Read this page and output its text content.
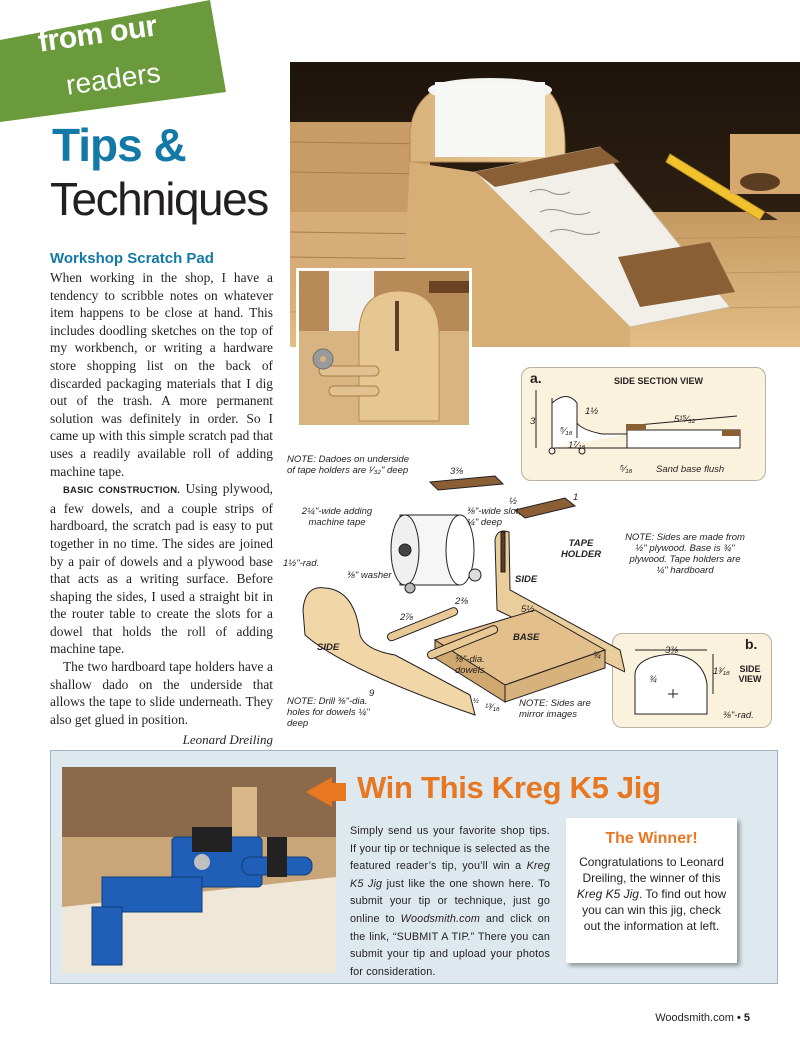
from our
readers
Tips &
Techniques
Workshop Scratch Pad

When working in the shop, I have a tendency to scribble notes on whatever item happens to be close at hand. This includes doodling sketches on the top of my workbench, or writing a hardware store shopping list on the back of discarded packaging materials that I dig out of the trash. A more permanent solution was definitely in order. So I came up with this simple scratch pad that uses a readily available roll of adding machine tape.

BASIC CONSTRUCTION. Using plywood, a few dowels, and a couple strips of hardboard, the scratch pad is easy to put together in no time. The sides are joined by a pair of dowels and a plywood base that acts as a writing surface. Before shaping the sides, I used a straight bit in the router table to create the slots for a dowel that holds the roll of adding machine tape.

The two hardboard tape holders have a shallow dado on the underside that allows the tape to slide underneath. They also get glued in position.

Leonard Dreiling
a.	SIDE SECTION VIEW
1½
3
⁵⁄₁₆
1⁷⁄₁₆
5¹⁵⁄₃₂
⁵⁄₁₆ Sand base flush
b.
SIDE VIEW
3⅜
¾
1³⁄₁₆
⅜"-rad.
NOTE: Dadoes on underside of tape holders are ¹⁄₃₂" deep	3⅜
½	1
2¼"-wide adding machine tape
⅜"-wide slot, ¼" deep
TAPE HOLDER
1½"-rad.
⅜" washer	SIDE
2⅜
5½
2⅞
BASE
SIDE
⅜"-dia. dowels
¾
9
½
¹³⁄₁₆
NOTE: Drill ⅜"-dia. holes for dowels ¼" deep
NOTE: Sides are mirror images
NOTE: Sides are made from ½" plywood. Base is ¾" plywood. Tape holders are ¼" hardboard
Win This Kreg K5 Jig
Simply send us your favorite shop tips. If your tip or technique is selected as the featured reader’s tip, you’ll win a Kreg K5 Jig just like the one shown here. To submit your tip or technique, just go online to Woodsmith.com and click on the link, “SUBMIT A TIP.” There you can submit your tip and upload your photos for consideration.
The Winner!
Congratulations to Leonard Dreiling, the winner of this Kreg K5 Jig. To find out how you can win this jig, check out the information at left.
Woodsmith.com • 5
